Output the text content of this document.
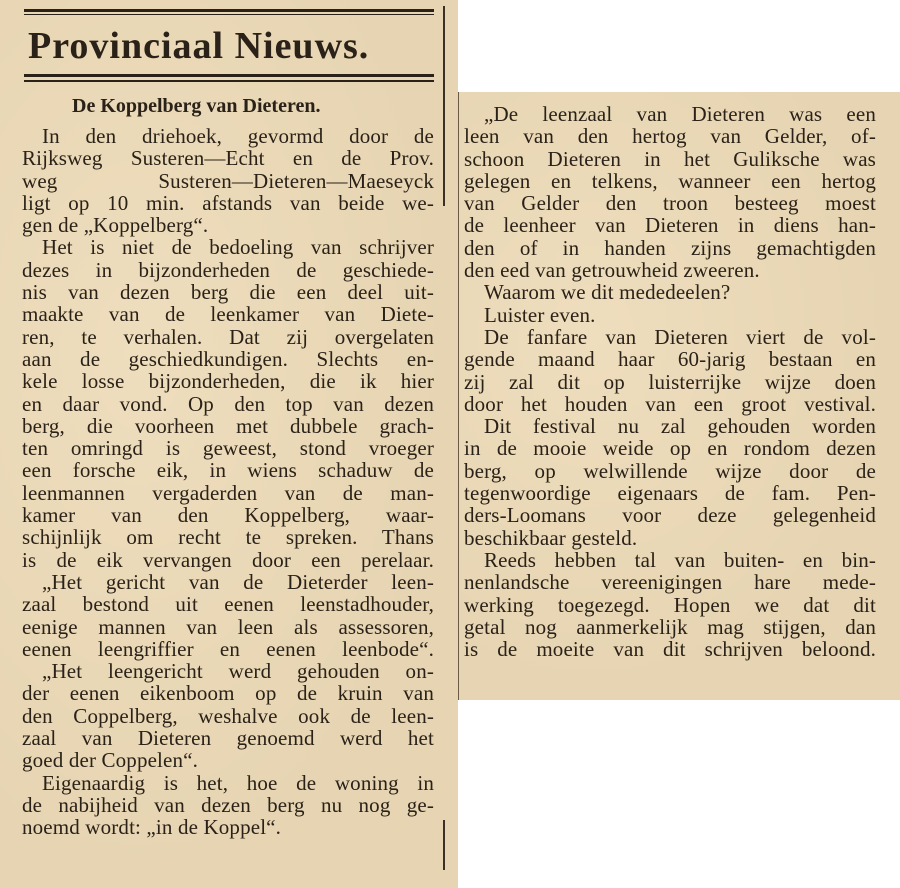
Provinciaal Nieuws.
De Koppelberg van Dieteren.
In den driehoek, gevormd door de
Rijksweg Susteren—Echt en de Prov.
weg Susteren—Dieteren—Maeseyck
ligt op 10 min. afstands van beide we-
gen de „Koppelberg“.
Het is niet de bedoeling van schrijver
dezes in bijzonderheden de geschiede-
nis van dezen berg die een deel uit-
maakte van de leenkamer van Diete-
ren, te verhalen. Dat zij overgelaten
aan de geschiedkundigen. Slechts en-
kele losse bijzonderheden, die ik hier
en daar vond. Op den top van dezen
berg, die voorheen met dubbele grach-
ten omringd is geweest, stond vroeger
een forsche eik, in wiens schaduw de
leenmannen vergaderden van de man-
kamer van den Koppelberg, waar-
schijnlijk om recht te spreken. Thans
is de eik vervangen door een perelaar.
„Het gericht van de Dieterder leen-
zaal bestond uit eenen leenstadhouder,
eenige mannen van leen als assessoren,
eenen leengriffier en eenen leenbode“.
„Het leengericht werd gehouden on-
der eenen eikenboom op de kruin van
den Coppelberg, weshalve ook de leen-
zaal van Dieteren genoemd werd het
goed der Coppelen“.
Eigenaardig is het, hoe de woning in
de nabijheid van dezen berg nu nog ge-
noemd wordt: „in de Koppel“.
„De leenzaal van Dieteren was een
leen van den hertog van Gelder, of-
schoon Dieteren in het Guliksche was
gelegen en telkens, wanneer een hertog
van Gelder den troon besteeg moest
de leenheer van Dieteren in diens han-
den of in handen zijns gemachtigden
den eed van getrouwheid zweeren.
Waarom we dit mededeelen?
Luister even.
De fanfare van Dieteren viert de vol-
gende maand haar 60-jarig bestaan en
zij zal dit op luisterrijke wijze doen
door het houden van een groot vestival.
Dit festival nu zal gehouden worden
in de mooie weide op en rondom dezen
berg, op welwillende wijze door de
tegenwoordige eigenaars de fam. Pen-
ders-Loomans voor deze gelegenheid
beschikbaar gesteld.
Reeds hebben tal van buiten- en bin-
nenlandsche vereenigingen hare mede-
werking toegezegd. Hopen we dat dit
getal nog aanmerkelijk mag stijgen, dan
is de moeite van dit schrijven beloond.
